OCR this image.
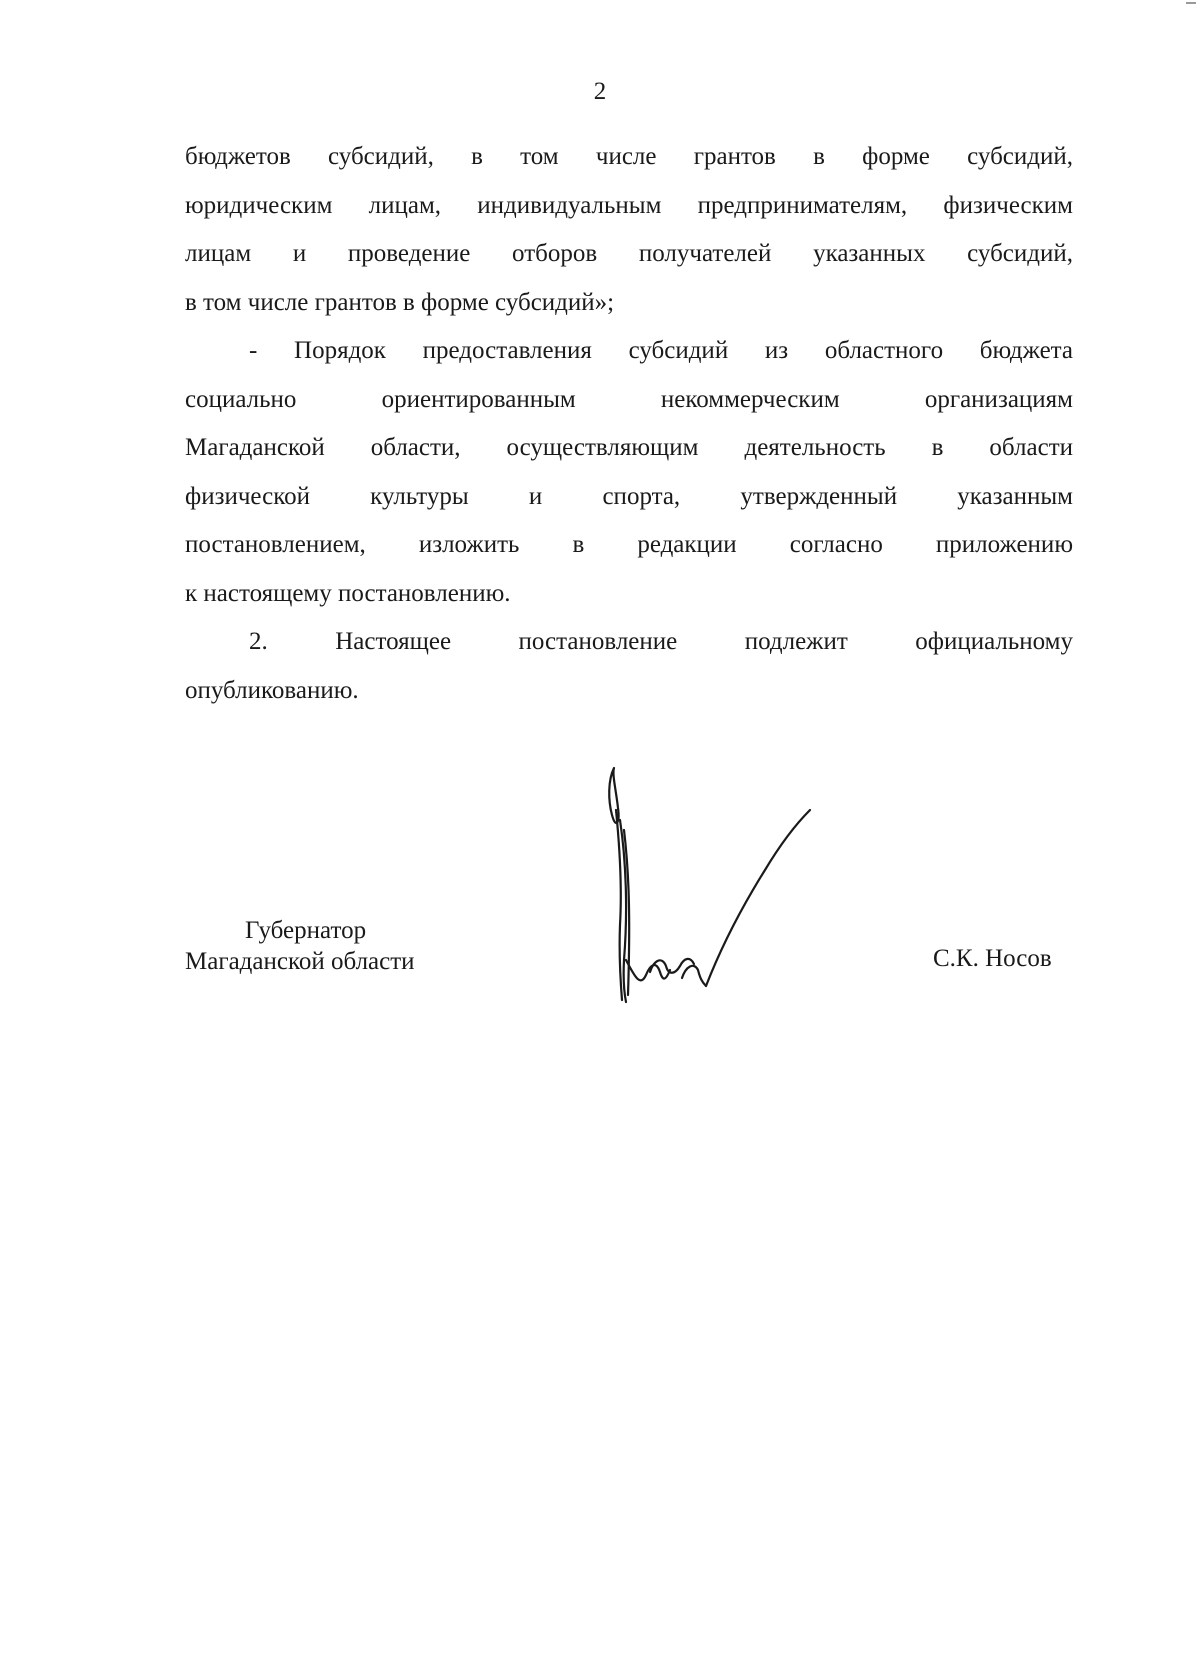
2
бюджетов субсидий, в том числе грантов в форме субсидий,
юридическим лицам, индивидуальным предпринимателям, физическим
лицам и проведение отборов получателей указанных субсидий,
в том числе грантов в форме субсидий»;
- Порядок предоставления субсидий из областного бюджета
социально ориентированным некоммерческим организациям
Магаданской области, осуществляющим деятельность в области
физической культуры и спорта, утвержденный указанным
постановлением, изложить в редакции согласно приложению
к настоящему постановлению.
2. Настоящее постановление подлежит официальному
опубликованию.
Губернатор
Магаданской области	С.К. Носов
